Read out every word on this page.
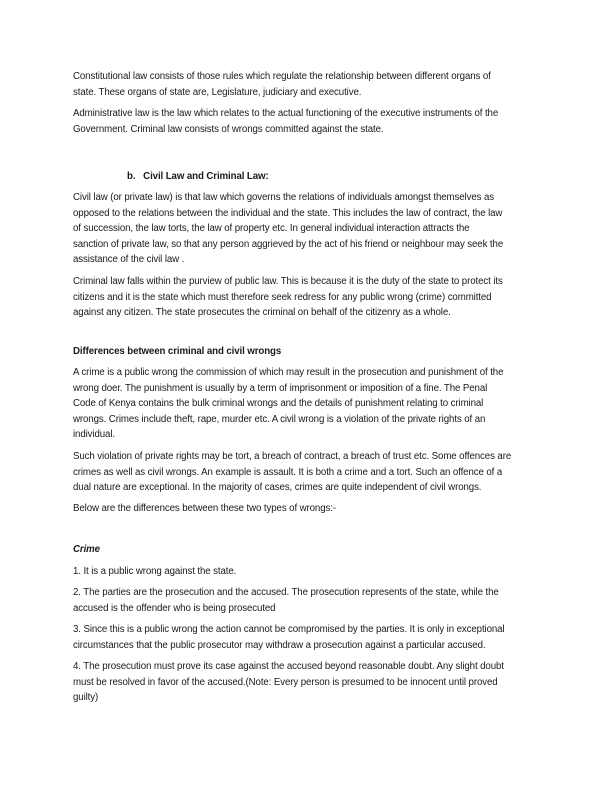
Constitutional law consists of those rules which regulate the relationship between different organs of
state. These organs of state are, Legislature, judiciary and executive.
Administrative law is the law which relates to the actual functioning of the executive instruments of the
Government. Criminal law consists of wrongs committed against the state.
b.   Civil Law and Criminal Law:
Civil law (or private law) is that law which governs the relations of individuals amongst themselves as
opposed to the relations between the individual and the state. This includes the law of contract, the law
of succession, the law torts, the law of property etc. In general individual interaction attracts the
sanction of private law, so that any person aggrieved by the act of his friend or neighbour may seek the
assistance of the civil law .
Criminal law falls within the purview of public law. This is because it is the duty of the state to protect its
citizens and it is the state which must therefore seek redress for any public wrong (crime) committed
against any citizen. The state prosecutes the criminal on behalf of the citizenry as a whole.
Differences between criminal and civil wrongs
A crime is a public wrong the commission of which may result in the prosecution and punishment of the
wrong doer. The punishment is usually by a term of imprisonment or imposition of a fine. The Penal
Code of Kenya contains the bulk criminal wrongs and the details of punishment relating to criminal
wrongs. Crimes include theft, rape, murder etc. A civil wrong is a violation of the private rights of an
individual.
Such violation of private rights may be tort, a breach of contract, a breach of trust etc. Some offences are
crimes as well as civil wrongs. An example is assault. It is both a crime and a tort. Such an offence of a
dual nature are exceptional. In the majority of cases, crimes are quite independent of civil wrongs.
Below are the differences between these two types of wrongs:-
Crime
1. It is a public wrong against the state.
2. The parties are the prosecution and the accused. The prosecution represents of the state, while the
accused is the offender who is being prosecuted
3. Since this is a public wrong the action cannot be compromised by the parties. It is only in exceptional
circumstances that the public prosecutor may withdraw a prosecution against a particular accused.
4. The prosecution must prove its case against the accused beyond reasonable doubt. Any slight doubt
must be resolved in favor of the accused.(Note: Every person is presumed to be innocent until proved
guilty)
